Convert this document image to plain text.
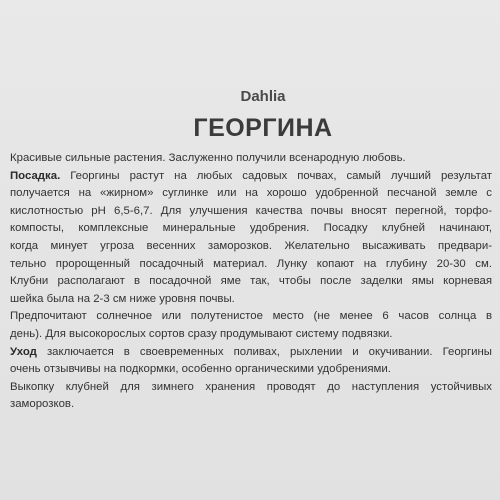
Dahlia
ГЕОРГИНА
Красивые сильные растения. Заслуженно получили всенародную любовь.
Посадка. Георгины растут на любых садовых почвах, самый лучший результат
получается на «жирном» суглинке или на хорошо удобренной песчаной земле с
кислотностью рН 6,5-6,7. Для улучшения качества почвы вносят перегной, торфо-
компосты, комплексные минеральные удобрения. Посадку клубней начинают,
когда минует угроза весенних заморозков. Желательно высаживать предвари-
тельно пророщенный посадочный материал. Лунку копают на глубину 20-30 см.
Клубни располагают в посадочной яме так, чтобы после заделки ямы корневая
шейка была на 2-3 см ниже уровня почвы.
Предпочитают солнечное или полутенистое место (не менее 6 часов солнца в
день). Для высокорослых сортов сразу продумывают систему подвязки.
Уход заключается в своевременных поливах, рыхлении и окучивании. Георгины
очень отзывчивы на подкормки, особенно органическими удобрениями.
Выкопку клубней для зимнего хранения проводят до наступления устойчивых
заморозков.
